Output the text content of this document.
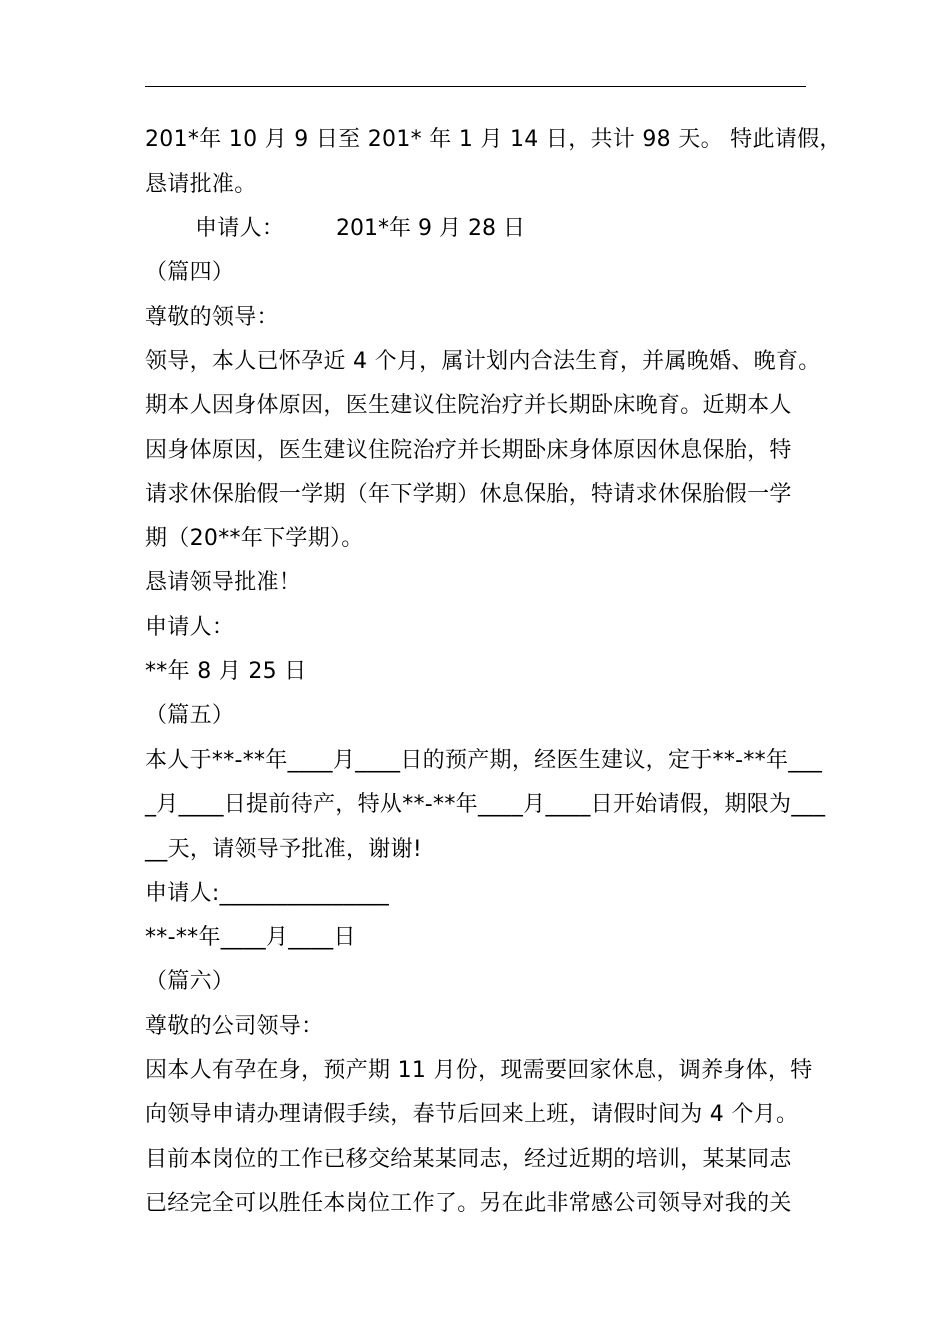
201*年 10 月 9 日至 201* 年 1 月 14 日，共计 98 天。 特此请假，
恳请批准。
申请人： 201*年 9 月 28 日
（篇四）
尊敬的领导：
领导，本人已怀孕近 4 个月，属计划内合法生育，并属晚婚、晚育。
期本人因身体原因，医生建议住院治疗并长期卧床晚育。近期本人
因身体原因，医生建议住院治疗并长期卧床身体原因休息保胎，特
请求休保胎假一学期（年下学期）休息保胎，特请求休保胎假一学
期（20**年下学期）。
恳请领导批准！
申请人：
**年 8 月 25 日
（篇五）
本人于**-**年____月____日的预产期，经医生建议，定于**-**年___
_月____日提前待产，特从**-**年____月____日开始请假，期限为___
__天，请领导予批准，谢谢!
申请人:_______________
**-**年____月____日
（篇六）
尊敬的公司领导：
因本人有孕在身，预产期 11 月份，现需要回家休息，调养身体，特
向领导申请办理请假手续，春节后回来上班，请假时间为 4 个月。
目前本岗位的工作已移交给某某同志，经过近期的培训，某某同志
已经完全可以胜任本岗位工作了。另在此非常感公司领导对我的关
